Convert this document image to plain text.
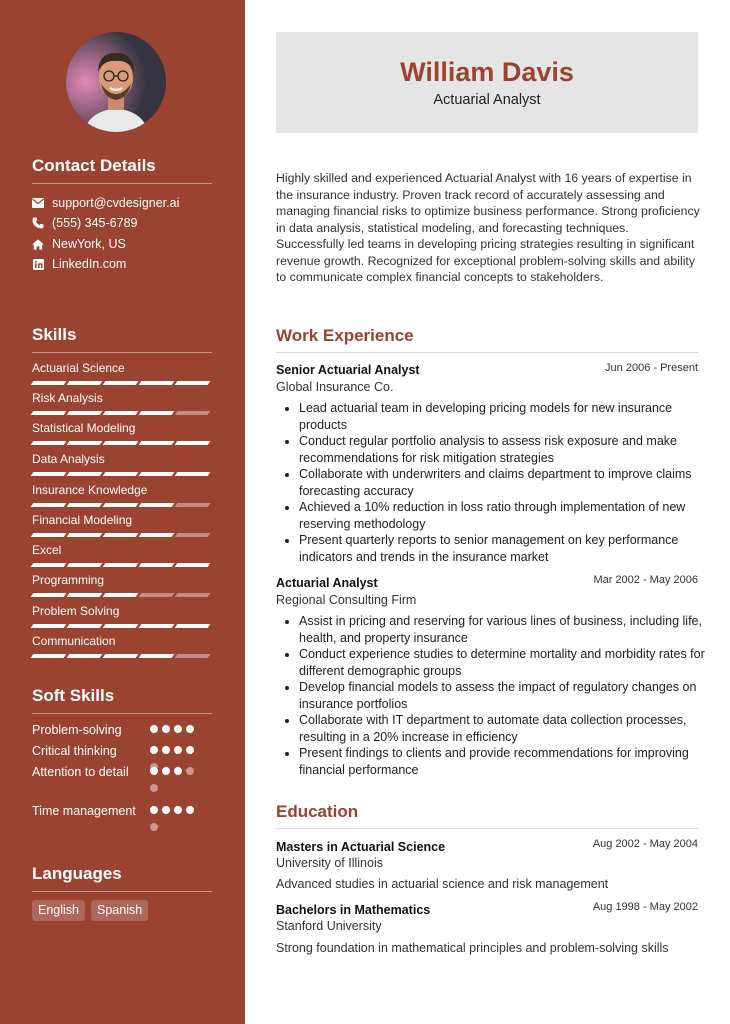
Contact Details
support@cvdesigner.ai
(555) 345-6789
NewYork, US
LinkedIn.com
Skills
Actuarial Science
Risk Analysis
Statistical Modeling
Data Analysis
Insurance Knowledge
Financial Modeling
Excel
Programming
Problem Solving
Communication
Soft Skills
Problem-solving
Critical thinking
Attention to detail
Time management
Languages
English	Spanish
William Davis
Actuarial Analyst
Highly skilled and experienced Actuarial Analyst with 16 years of expertise in the insurance industry. Proven track record of accurately assessing and managing financial risks to optimize business performance. Strong proficiency in data analysis, statistical modeling, and forecasting techniques. Successfully led teams in developing pricing strategies resulting in significant revenue growth. Recognized for exceptional problem-solving skills and ability to communicate complex financial concepts to stakeholders.
Work Experience
Senior Actuarial Analyst	Jun 2006 - Present
Global Insurance Co.
• Lead actuarial team in developing pricing models for new insurance products
• Conduct regular portfolio analysis to assess risk exposure and make recommendations for risk mitigation strategies
• Collaborate with underwriters and claims department to improve claims forecasting accuracy
• Achieved a 10% reduction in loss ratio through implementation of new reserving methodology
• Present quarterly reports to senior management on key performance indicators and trends in the insurance market
Actuarial Analyst	Mar 2002 - May 2006
Regional Consulting Firm
• Assist in pricing and reserving for various lines of business, including life, health, and property insurance
• Conduct experience studies to determine mortality and morbidity rates for different demographic groups
• Develop financial models to assess the impact of regulatory changes on insurance portfolios
• Collaborate with IT department to automate data collection processes, resulting in a 20% increase in efficiency
• Present findings to clients and provide recommendations for improving financial performance
Education
Masters in Actuarial Science	Aug 2002 - May 2004
University of Illinois
Advanced studies in actuarial science and risk management
Bachelors in Mathematics	Aug 1998 - May 2002
Stanford University
Strong foundation in mathematical principles and problem-solving skills
